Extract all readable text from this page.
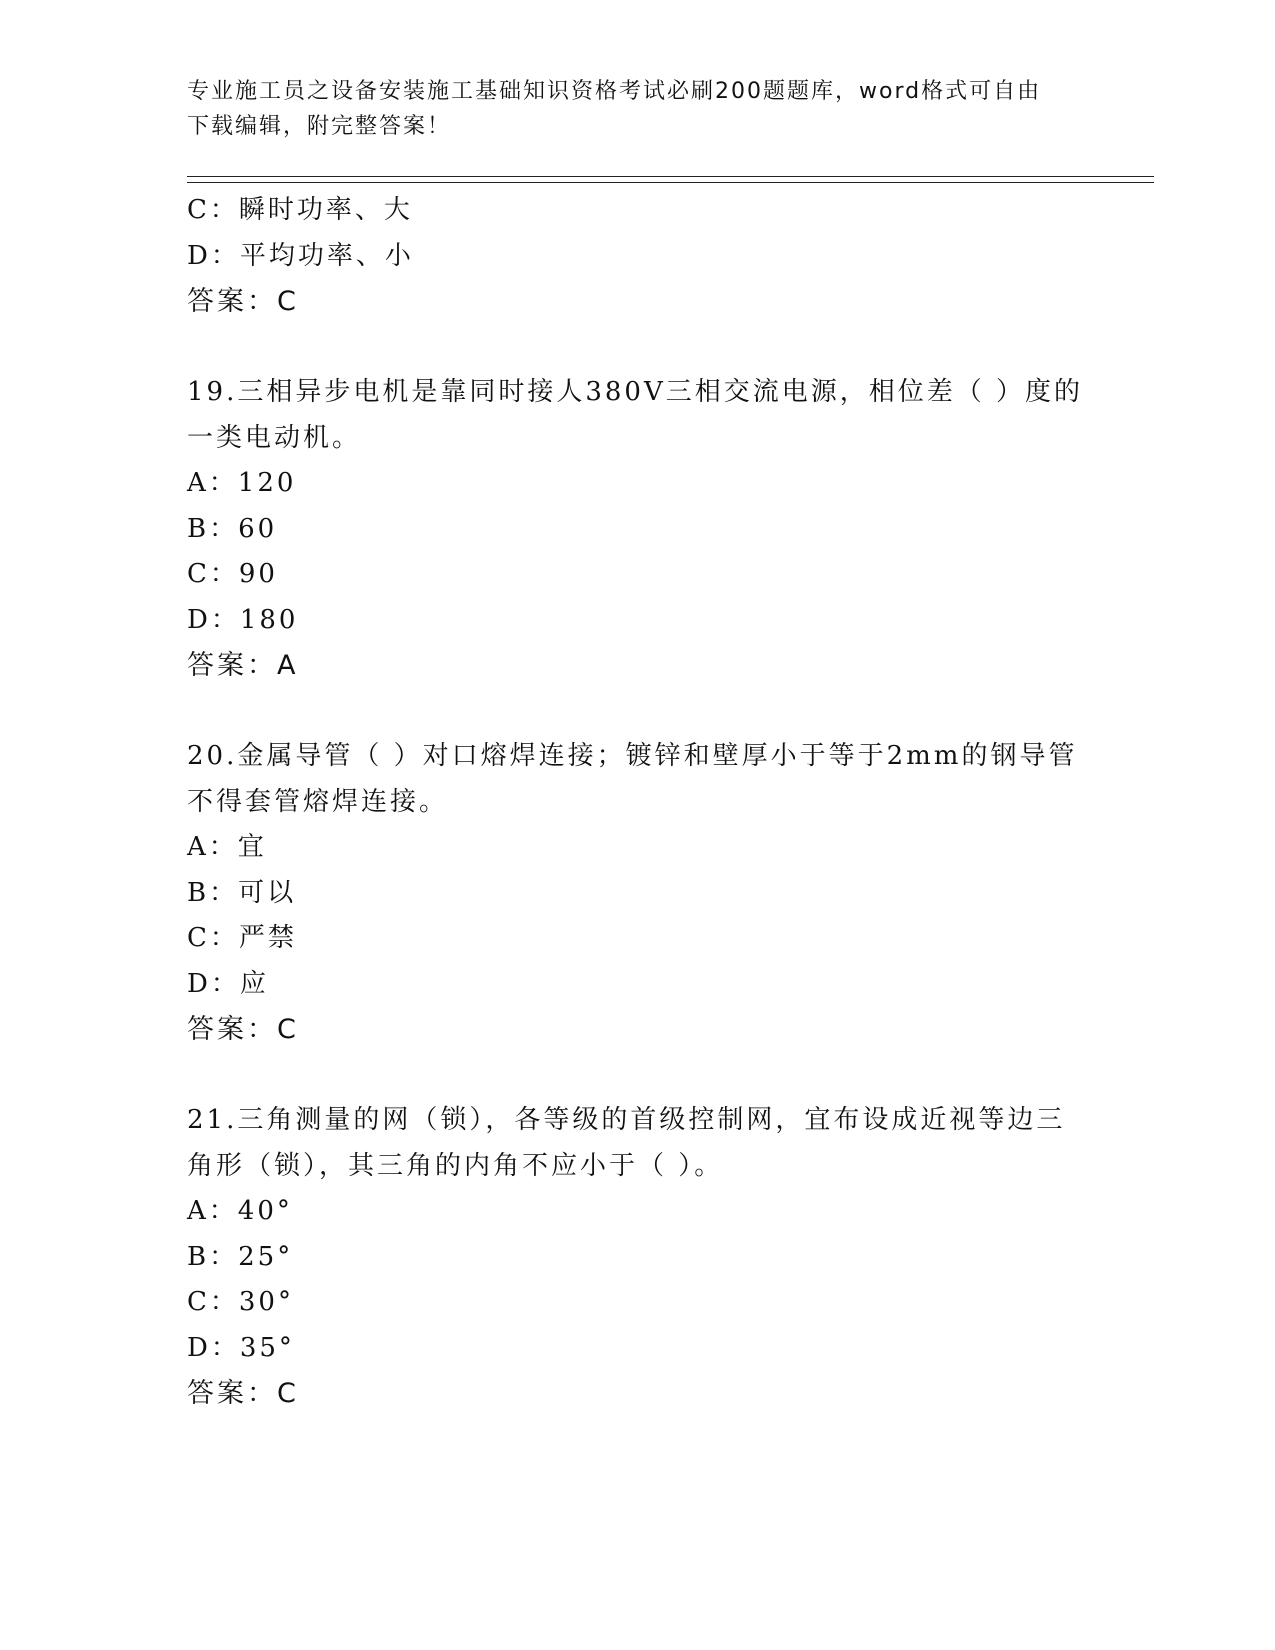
专业施工员之设备安装施工基础知识资格考试必刷200题题库，word格式可自由
下载编辑，附完整答案！
C：瞬时功率、大
D：平均功率、小
答案：C
19.三相异步电机是靠同时接人380V三相交流电源，相位差（ ）度的
一类电动机。
A：120
B：60
C：90
D：180
答案：A
20.金属导管（ ）对口熔焊连接；镀锌和壁厚小于等于2mm的钢导管
不得套管熔焊连接。
A：宜
B：可以
C：严禁
D：应
答案：C
21.三角测量的网（锁），各等级的首级控制网，宜布设成近视等边三
角形（锁），其三角的内角不应小于（ ）。
A：40°
B：25°
C：30°
D：35°
答案：C
